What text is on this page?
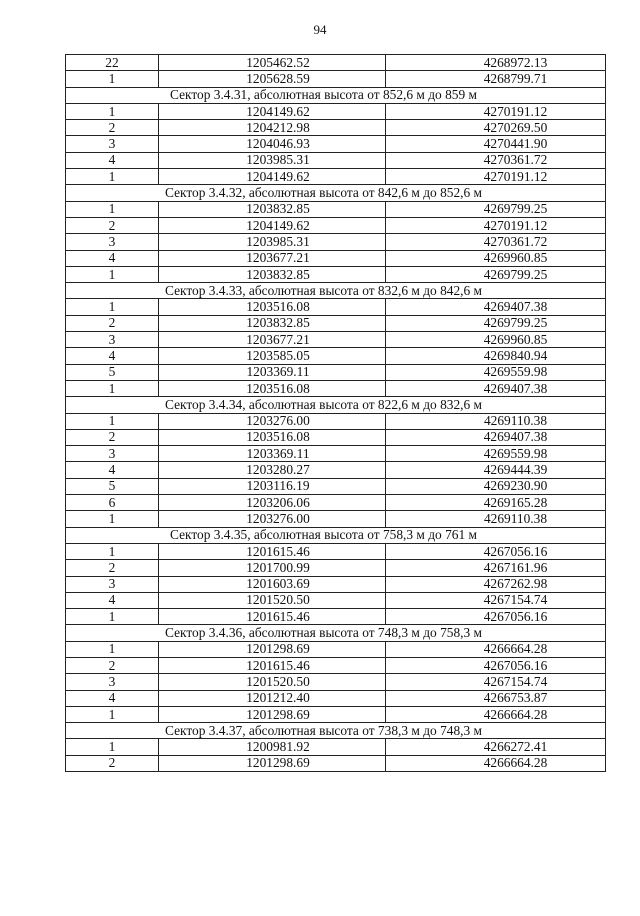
94
22	1205462.52	4268972.13
1	1205628.59	4268799.71
Сектор 3.4.31, абсолютная высота от 852,6 м до 859 м		
1	1204149.62	4270191.12
2	1204212.98	4270269.50
3	1204046.93	4270441.90
4	1203985.31	4270361.72
1	1204149.62	4270191.12
Сектор 3.4.32, абсолютная высота от 842,6 м до 852,6 м		
1	1203832.85	4269799.25
2	1204149.62	4270191.12
3	1203985.31	4270361.72
4	1203677.21	4269960.85
1	1203832.85	4269799.25
Сектор 3.4.33, абсолютная высота от 832,6 м до 842,6 м		
1	1203516.08	4269407.38
2	1203832.85	4269799.25
3	1203677.21	4269960.85
4	1203585.05	4269840.94
5	1203369.11	4269559.98
1	1203516.08	4269407.38
Сектор 3.4.34, абсолютная высота от 822,6 м до 832,6 м		
1	1203276.00	4269110.38
2	1203516.08	4269407.38
3	1203369.11	4269559.98
4	1203280.27	4269444.39
5	1203116.19	4269230.90
6	1203206.06	4269165.28
1	1203276.00	4269110.38
Сектор 3.4.35, абсолютная высота от 758,3 м до 761 м		
1	1201615.46	4267056.16
2	1201700.99	4267161.96
3	1201603.69	4267262.98
4	1201520.50	4267154.74
1	1201615.46	4267056.16
Сектор 3.4.36, абсолютная высота от 748,3 м до 758,3 м		
1	1201298.69	4266664.28
2	1201615.46	4267056.16
3	1201520.50	4267154.74
4	1201212.40	4266753.87
1	1201298.69	4266664.28
Сектор 3.4.37, абсолютная высота от 738,3 м до 748,3 м		
1	1200981.92	4266272.41
2	1201298.69	4266664.28
